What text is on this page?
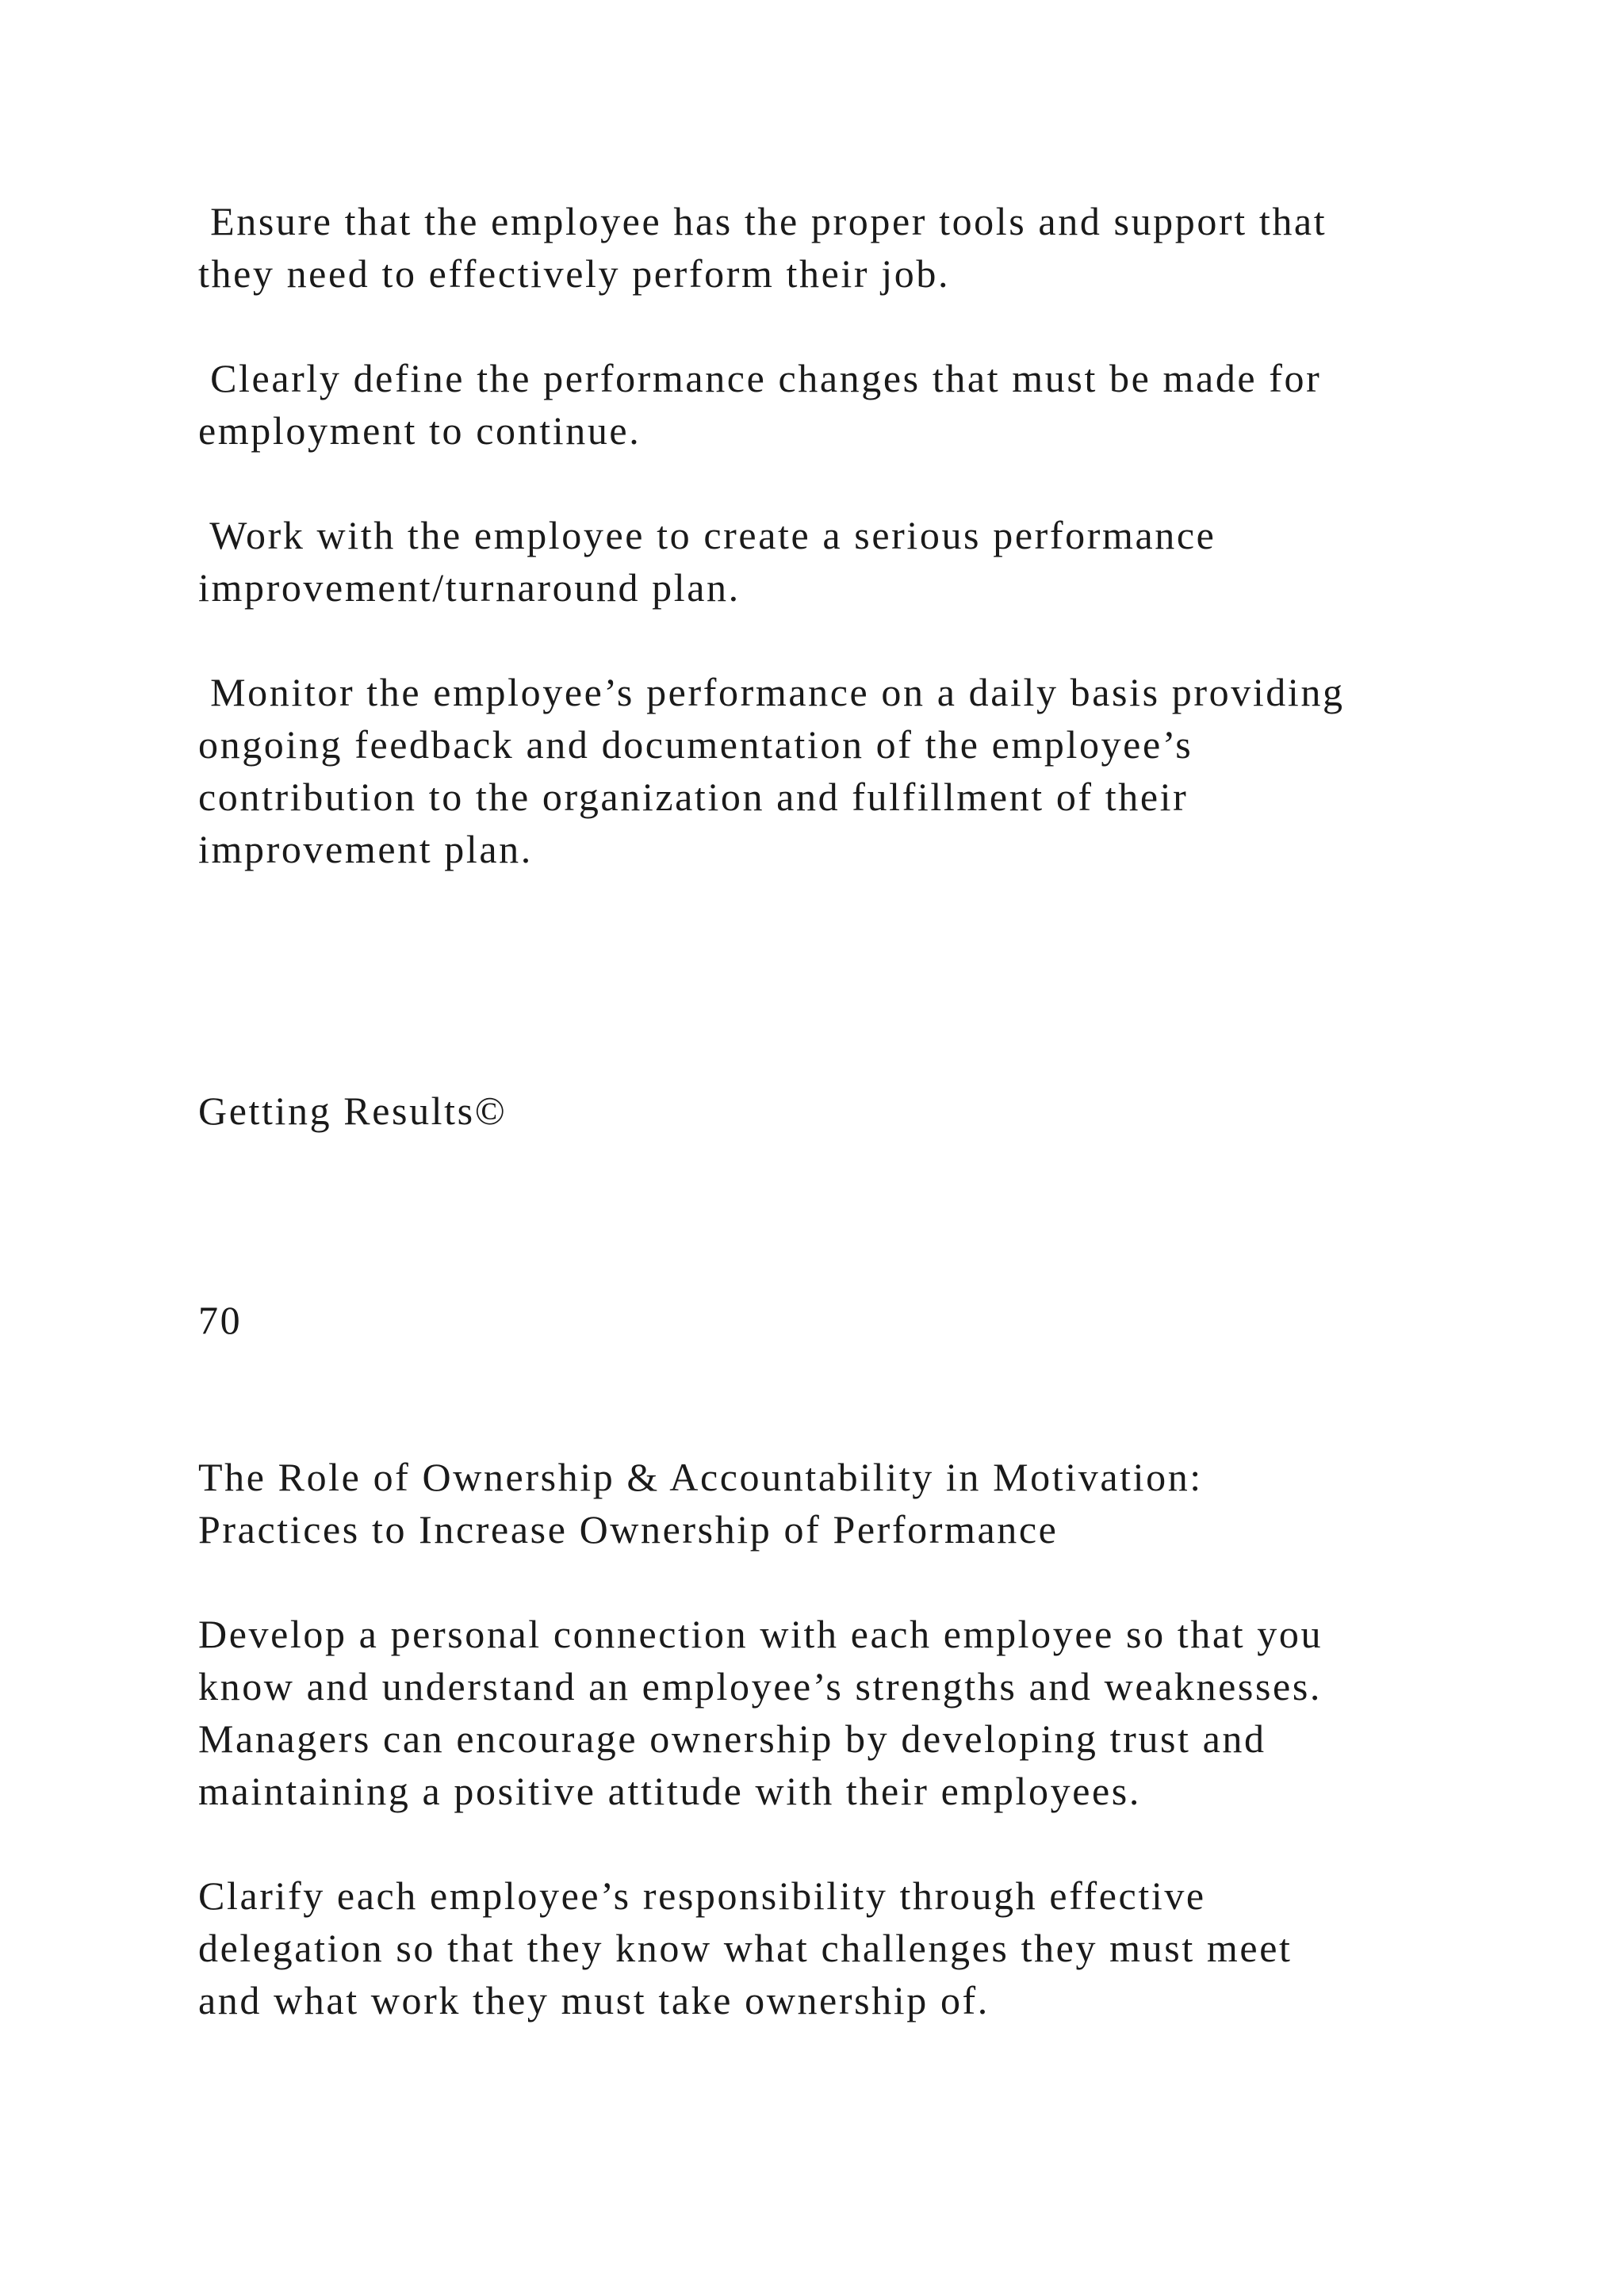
Ensure that the employee has the proper tools and support that

they need to effectively perform their job.

Clearly define the performance changes that must be made for

employment to continue.

Work with the employee to create a serious performance

improvement/turnaround plan.

Monitor the employee’s performance on a daily basis providing

ongoing feedback and documentation of the employee’s

contribution to the organization and fulfillment of their

improvement plan.

Getting Results©

70

The Role of Ownership & Accountability in Motivation:

Practices to Increase Ownership of Performance

Develop a personal connection with each employee so that you

know and understand an employee’s strengths and weaknesses.

Managers can encourage ownership by developing trust and

maintaining a positive attitude with their employees.

Clarify each employee’s responsibility through effective

delegation so that they know what challenges they must meet

and what work they must take ownership of.
